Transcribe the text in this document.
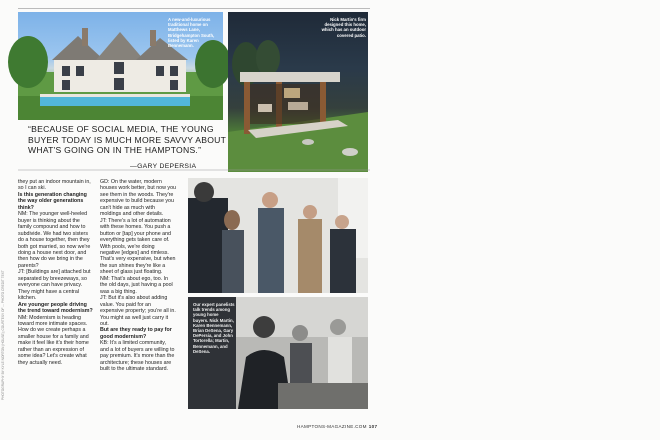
PHOTOGRAPHY BY KYLE NORTON (HOUSE); COURTESY OF ... PHOTO CREDIT TEXT
A new-and-luxurious traditional home on Matthews Lane, Bridgehampton South, listed by Karen Bennemann.
Nick Martin's firm designed this home, which has an outdoor covered patio.
“BECAUSE OF SOCIAL MEDIA, THE YOUNG BUYER TODAY IS MUCH MORE SAVVY ABOUT WHAT'S GOING ON IN THE HAMPTONS.”
—GARY DEPERSIA

they put an indoor mountain in, so I can ski.

Is this generation changing the way older generations think?

NM: The younger well-heeled buyer is thinking about the family compound and how to subdivide. We had two sisters do a house together, then they both got married, so now we're doing a house next door, and then how do we bring in the parents?

JT: [Buildings are] attached but separated by breezeways, so everyone can have privacy. They might have a central kitchen.

Are younger people driving the trend toward modernism?

NM: Modernism is heading toward more intimate spaces. How do we create perhaps a smaller house for a family and make it feel like it's their home rather than an expression of some idea? Let's create what they actually need.

GD: On the water, modern houses work better, but now you see them in the woods. They're expensive to build because you can't hide as much with moldings and other details.

JT: There's a lot of automation with these homes. You push a button or [tap] your phone and everything gets taken care of. With pools, we're doing negative [edges] and rimless. That's very expensive, but when the sun shines they're like a sheet of glass just floating.

NM: That's about ego, too. In the old days, just having a pool was a big thing.

JT: But it's also about adding value. You paid for an expensive property; you're all in. You might as well just carry it out.

But are they ready to pay for good modernism?

KB: It's a limited community, and a lot of buyers are willing to pay premium. It's more than the architecture; these houses are built to the ultimate standard.

Our expert panelists talk trends among young home buyers. Nick Martin, Karen Bennemann, Brian DeSena, Gary DePersia, and John Tortorella; Martin, Bennemann, and DeSena.
HAMPTONS-MAGAZINE.COM 107
